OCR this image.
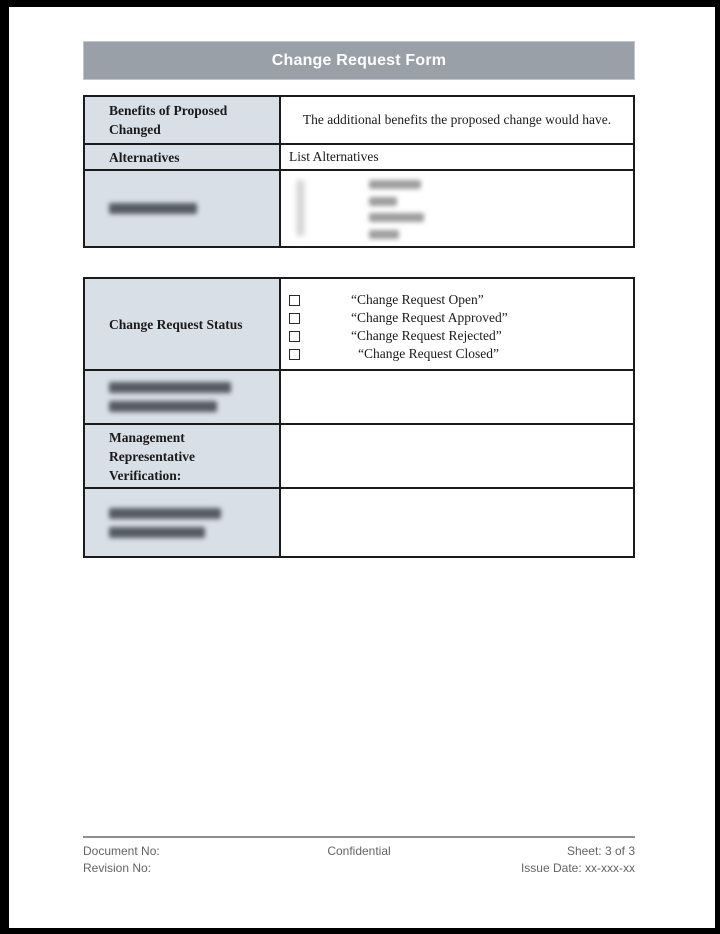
Change Request Form
Benefits of Proposed Changed
The additional benefits the proposed change would have.
Alternatives	List Alternatives
Change Request Status
“Change Request Open”
“Change Request Approved”
“Change Request Rejected”
“Change Request Closed”
Management Representative Verification:
Document No:
Revision No:
Confidential	Sheet: 3 of 3
Issue Date: xx-xxx-xx
